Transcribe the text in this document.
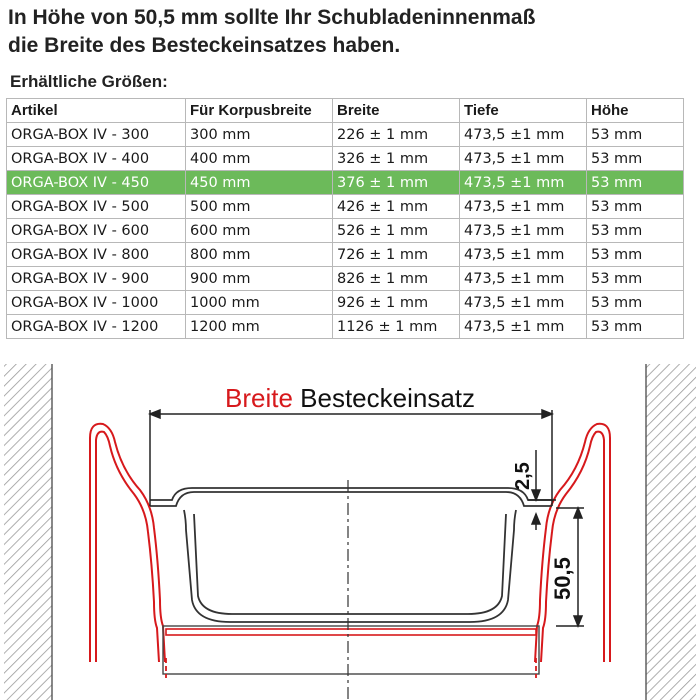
In Höhe von 50,5 mm sollte Ihr Schubladeninnenmaß
die Breite des Besteckeinsatzes haben.
Erhältliche Größen:
Artikel	Für Korpusbreite	Breite	Tiefe	Höhe
ORGA-BOX IV - 300	300 mm	226 ± 1 mm	473,5 ±1 mm	53 mm
ORGA-BOX IV - 400	400 mm	326 ± 1 mm	473,5 ±1 mm	53 mm
ORGA-BOX IV - 450	450 mm	376 ± 1 mm	473,5 ±1 mm	53 mm
ORGA-BOX IV - 500	500 mm	426 ± 1 mm	473,5 ±1 mm	53 mm
ORGA-BOX IV - 600	600 mm	526 ± 1 mm	473,5 ±1 mm	53 mm
ORGA-BOX IV - 800	800 mm	726 ± 1 mm	473,5 ±1 mm	53 mm
ORGA-BOX IV - 900	900 mm	826 ± 1 mm	473,5 ±1 mm	53 mm
ORGA-BOX IV - 1000	1000 mm	926 ± 1 mm	473,5 ±1 mm	53 mm
ORGA-BOX IV - 1200	1200 mm	1126 ± 1 mm	473,5 ±1 mm	53 mm
Breite Besteckeinsatz
2,5
50,5
